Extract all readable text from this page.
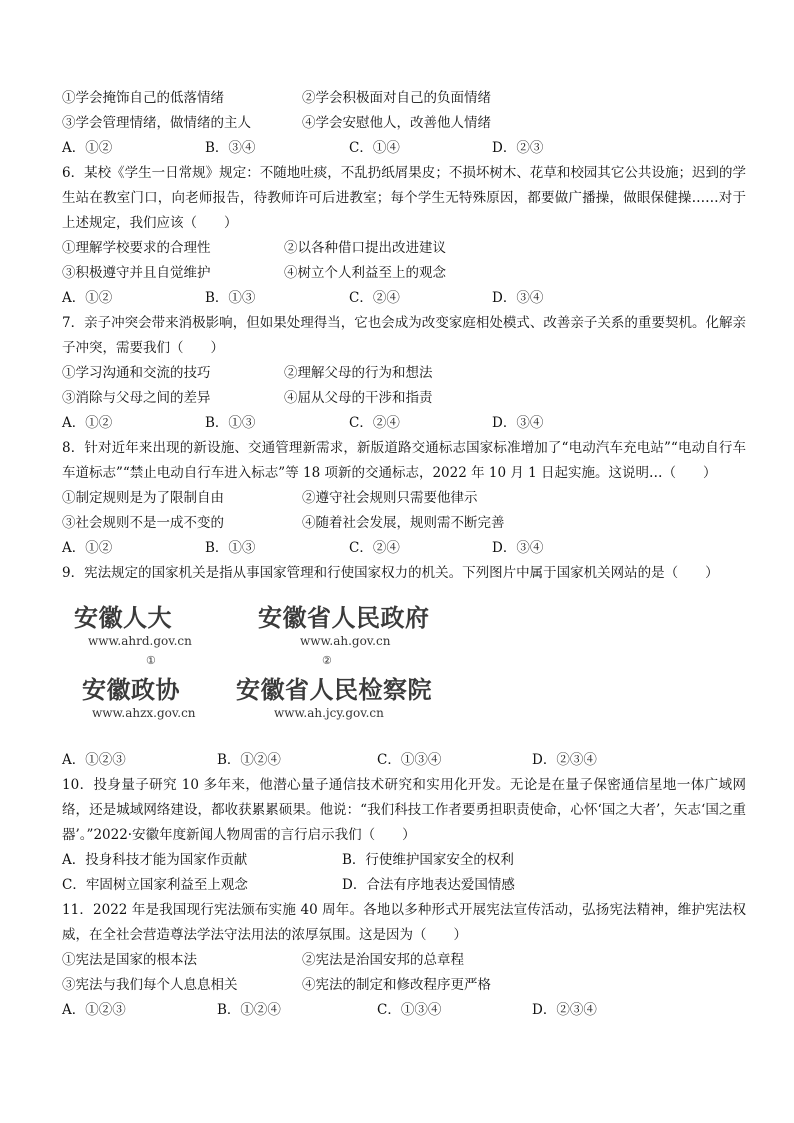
①学会掩饰自己的低落情绪	②学会积极面对自己的负面情绪
③学会管理情绪，做情绪的主人	④学会安慰他人，改善他人情绪
A．①②	B．③④	C．①④	D．②③
6．某校《学生一日常规》规定：不随地吐痰，不乱扔纸屑果皮；不损坏树木、花草和校园其它公共设施；迟到的学生站在教室门口，向老师报告，待教师许可后进教室；每个学生无特殊原因，都要做广播操，做眼保健操……对于上述规定，我们应该（　　）
①理解学校要求的合理性	②以各种借口提出改进建议
③积极遵守并且自觉维护	④树立个人利益至上的观念
A．①②	B．①③	C．②④	D．③④
7．亲子冲突会带来消极影响，但如果处理得当，它也会成为改变家庭相处模式、改善亲子关系的重要契机。化解亲子冲突，需要我们（　　）
①学习沟通和交流的技巧	②理解父母的行为和想法
③消除与父母之间的差异	④屈从父母的干涉和指责
A．①②	B．①③	C．②④	D．③④
8．针对近年来出现的新设施、交通管理新需求，新版道路交通标志国家标准增加了“电动汽车充电站”“电动自行车车道标志”“禁止电动自行车进入标志”等 18 项新的交通标志，2022 年 10 月 1 日起实施。这说明…（　　）
①制定规则是为了限制自由	②遵守社会规则只需要他律示
③社会规则不是一成不变的	④随着社会发展，规则需不断完善
A．①②	B．①③	C．②④	D．③④
9．宪法规定的国家机关是指从事国家管理和行使国家权力的机关。下列图片中属于国家机关网站的是（　　）
安徽人大
www.ahrd.gov.cn
①
安徽省人民政府
www.ah.gov.cn
②
安徽政协
www.ahzx.gov.cn
安徽省人民检察院
www.ah.jcy.gov.cn
A．①②③	B．①②④	C．①③④	D．②③④
10．投身量子研究 10 多年来，他潜心量子通信技术研究和实用化开发。无论是在量子保密通信星地一体广域网络，还是城域网络建设，都收获累累硕果。他说：“我们科技工作者要勇担职责使命，心怀‘国之大者’，矢志‘国之重器’。”2022·安徽年度新闻人物周雷的言行启示我们（　　）
A．投身科技才能为国家作贡献	B．行使维护国家安全的权利
C．牢固树立国家利益至上观念	D．合法有序地表达爱国情感
11．2022 年是我国现行宪法颁布实施 40 周年。各地以多种形式开展宪法宣传活动，弘扬宪法精神，维护宪法权威，在全社会营造尊法学法守法用法的浓厚氛围。这是因为（　　）
①宪法是国家的根本法	②宪法是治国安邦的总章程
③宪法与我们每个人息息相关	④宪法的制定和修改程序更严格
A．①②③	B．①②④	C．①③④	D．②③④
